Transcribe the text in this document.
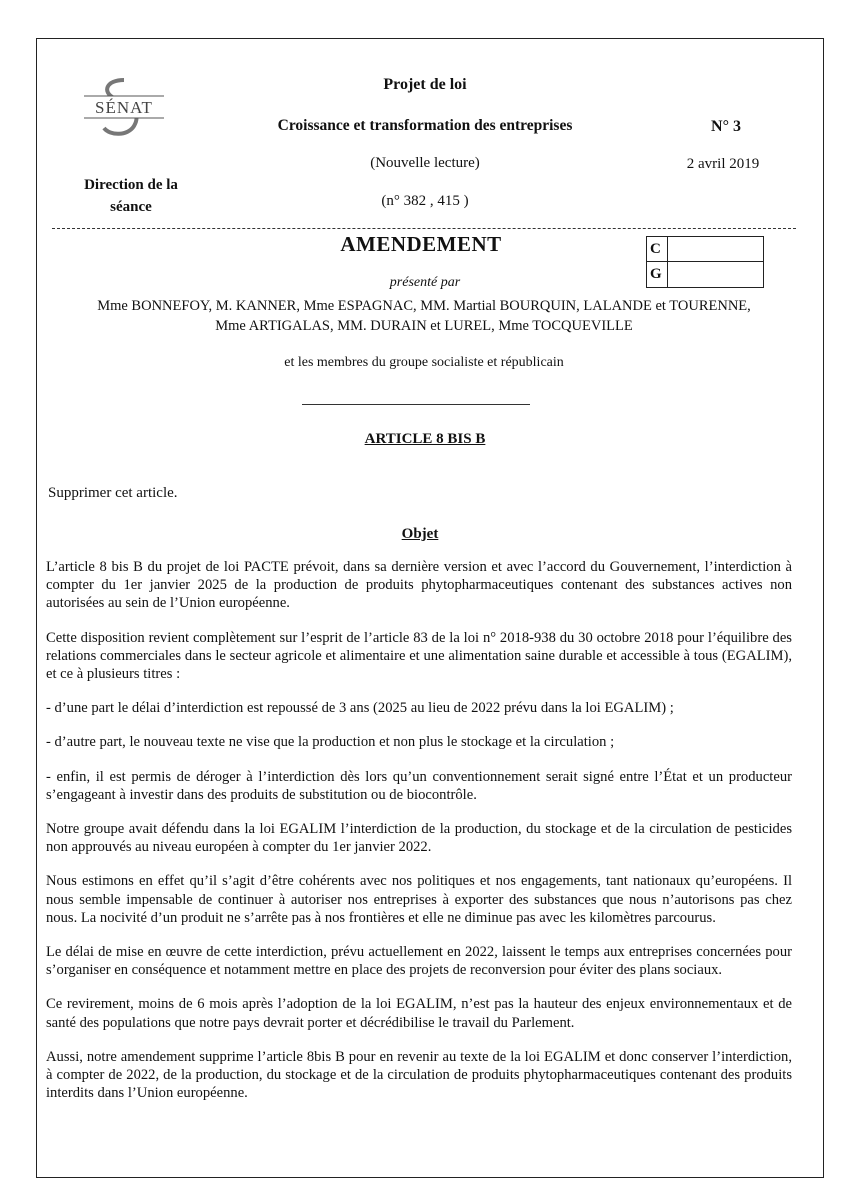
SÉNAT
Direction de la
séance
Projet de loi
Croissance et transformation des entreprises
(Nouvelle lecture)
(n° 382 , 415 )
N° 3
2 avril 2019
AMENDEMENT	C
G
présenté par
Mme BONNEFOY, M. KANNER, Mme ESPAGNAC, MM. Martial BOURQUIN, LALANDE et TOURENNE,
Mme ARTIGALAS, MM. DURAIN et LUREL, Mme TOCQUEVILLE
et les membres du groupe socialiste et républicain
ARTICLE 8 BIS B
Supprimer cet article.
Objet

L’article 8 bis B du projet de loi PACTE prévoit, dans sa dernière version et avec l’accord du Gouvernement, l’interdiction à compter du 1er janvier 2025 de la production de produits phytopharmaceutiques contenant des substances actives non autorisées au sein de l’Union européenne.

Cette disposition revient complètement sur l’esprit de l’article 83 de la loi n° 2018-938 du 30 octobre 2018 pour l’équilibre des relations commerciales dans le secteur agricole et alimentaire et une alimentation saine durable et accessible à tous (EGALIM), et ce à plusieurs titres :

- d’une part le délai d’interdiction est repoussé de 3 ans (2025 au lieu de 2022 prévu dans la loi EGALIM) ;

- d’autre part, le nouveau texte ne vise que la production et non plus le stockage et la circulation ;

- enfin, il est permis de déroger à l’interdiction dès lors qu’un conventionnement serait signé entre l’État et un producteur s’engageant à investir dans des produits de substitution ou de biocontrôle.

Notre groupe avait défendu dans la loi EGALIM l’interdiction de la production, du stockage et de la circulation de pesticides non approuvés au niveau européen à compter du 1er janvier 2022.

Nous estimons en effet qu’il s’agit d’être cohérents avec nos politiques et nos engagements, tant nationaux qu’européens. Il nous semble impensable de continuer à autoriser nos entreprises à exporter des substances que nous n’autorisons pas chez nous. La nocivité d’un produit ne s’arrête pas à nos frontières et elle ne diminue pas avec les kilomètres parcourus.

Le délai de mise en œuvre de cette interdiction, prévu actuellement en 2022, laissent le temps aux entreprises concernées pour s’organiser en conséquence et notamment mettre en place des projets de reconversion pour éviter des plans sociaux.

Ce revirement, moins de 6 mois après l’adoption de la loi EGALIM, n’est pas la hauteur des enjeux environnementaux et de santé des populations que notre pays devrait porter et décrédibilise le travail du Parlement.

Aussi, notre amendement supprime l’article 8bis B pour en revenir au texte de la loi EGALIM et donc conserver l’interdiction, à compter de 2022, de la production, du stockage et de la circulation de produits phytopharmaceutiques contenant des produits interdits dans l’Union européenne.
